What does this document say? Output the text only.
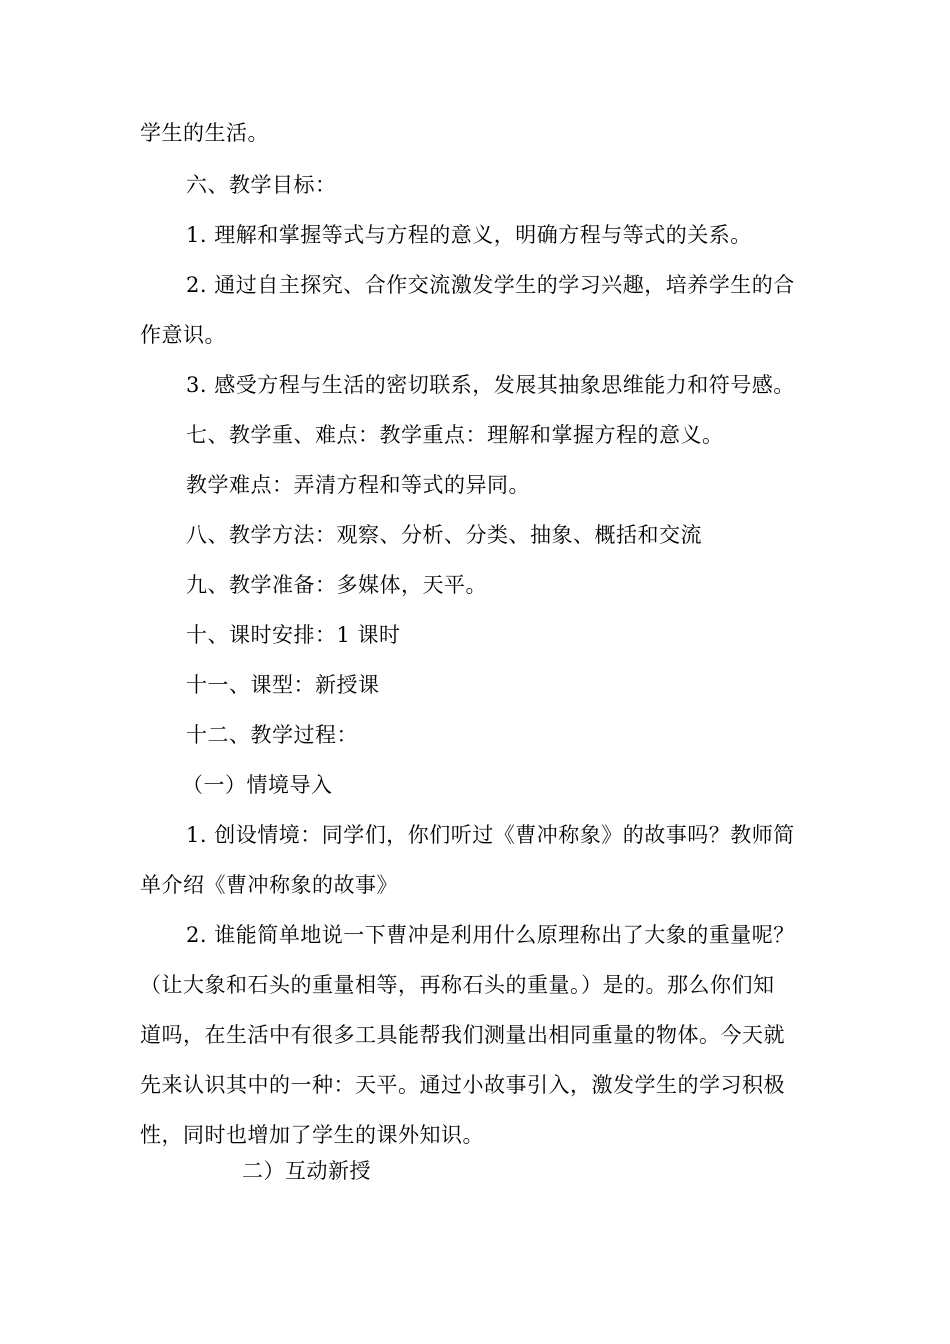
学生的生活。
六、教学目标：
1. 理解和掌握等式与方程的意义，明确方程与等式的关系。
2. 通过自主探究、合作交流激发学生的学习兴趣，培养学生的合
作意识。
3. 感受方程与生活的密切联系，发展其抽象思维能力和符号感。
七、教学重、难点：教学重点：理解和掌握方程的意义。
教学难点：弄清方程和等式的异同。
八、教学方法：观察、分析、分类、抽象、概括和交流
九、教学准备：多媒体，天平。
十、课时安排：1 课时
十一、课型：新授课
十二、教学过程：
（一）情境导入
1. 创设情境：同学们，你们听过《曹冲称象》的故事吗？教师简
单介绍《曹冲称象的故事》
2. 谁能简单地说一下曹冲是利用什么原理称出了大象的重量呢？
（让大象和石头的重量相等，再称石头的重量。）是的。那么你们知
道吗，在生活中有很多工具能帮我们测量出相同重量的物体。今天就
先来认识其中的一种：天平。通过小故事引入，激发学生的学习积极
性，同时也增加了学生的课外知识。
二）互动新授
